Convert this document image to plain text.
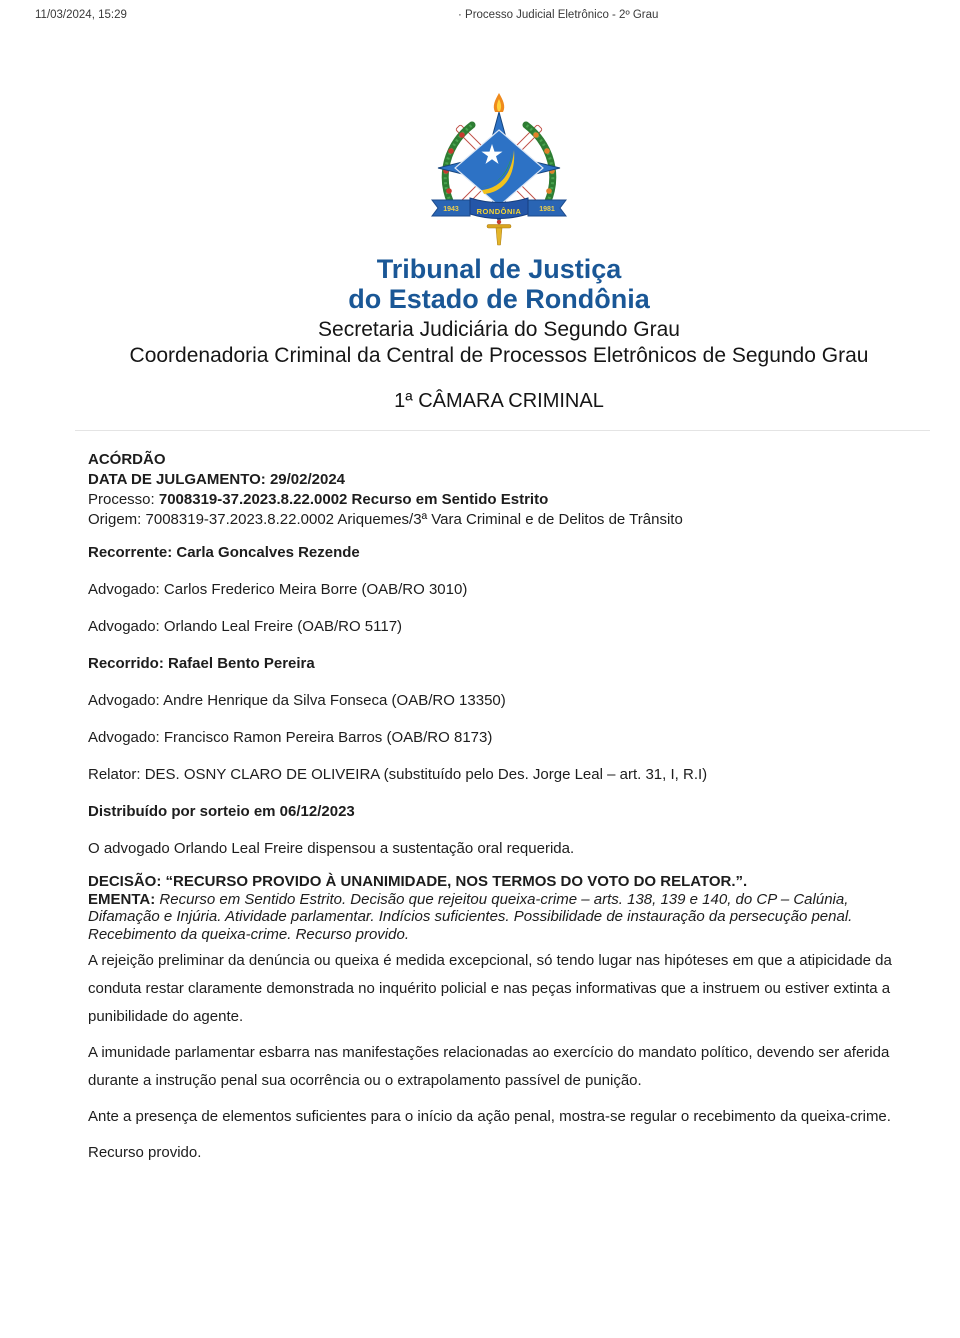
11/03/2024, 15:29	· Processo Judicial Eletrônico - 2º Grau
1943	1981
RONDÔNIA
Tribunal de Justiça
do Estado de Rondônia
Secretaria Judiciária do Segundo Grau
Coordenadoria Criminal da Central de Processos Eletrônicos de Segundo Grau
1ª CÂMARA CRIMINAL

ACÓRDÃO

DATA DE JULGAMENTO: 29/02/2024

Processo: 7008319-37.2023.8.22.0002 Recurso em Sentido Estrito

Origem: 7008319-37.2023.8.22.0002 Ariquemes/3ª Vara Criminal e de Delitos de Trânsito

Recorrente: Carla Goncalves Rezende

Advogado: Carlos Frederico Meira Borre (OAB/RO 3010)

Advogado: Orlando Leal Freire (OAB/RO 5117)

Recorrido: Rafael Bento Pereira

Advogado: Andre Henrique da Silva Fonseca (OAB/RO 13350)

Advogado: Francisco Ramon Pereira Barros (OAB/RO 8173)

Relator: DES. OSNY CLARO DE OLIVEIRA (substituído pelo Des. Jorge Leal – art. 31, I, R.I)

Distribuído por sorteio em 06/12/2023

O advogado Orlando Leal Freire dispensou a sustentação oral requerida.

DECISÃO: “RECURSO PROVIDO À UNANIMIDADE, NOS TERMOS DO VOTO DO RELATOR.”.

EMENTA: Recurso em Sentido Estrito. Decisão que rejeitou queixa-crime – arts. 138, 139 e 140, do CP – Calúnia, Difamação e Injúria. Atividade parlamentar. Indícios suficientes. Possibilidade de instauração da persecução penal. Recebimento da queixa-crime. Recurso provido.

A rejeição preliminar da denúncia ou queixa é medida excepcional, só tendo lugar nas hipóteses em que a atipicidade da conduta restar claramente demonstrada no inquérito policial e nas peças informativas que a instruem ou estiver extinta a punibilidade do agente.

A imunidade parlamentar esbarra nas manifestações relacionadas ao exercício do mandato político, devendo ser aferida durante a instrução penal sua ocorrência ou o extrapolamento passível de punição.

Ante a presença de elementos suficientes para o início da ação penal, mostra-se regular o recebimento da queixa-crime.

Recurso provido.
